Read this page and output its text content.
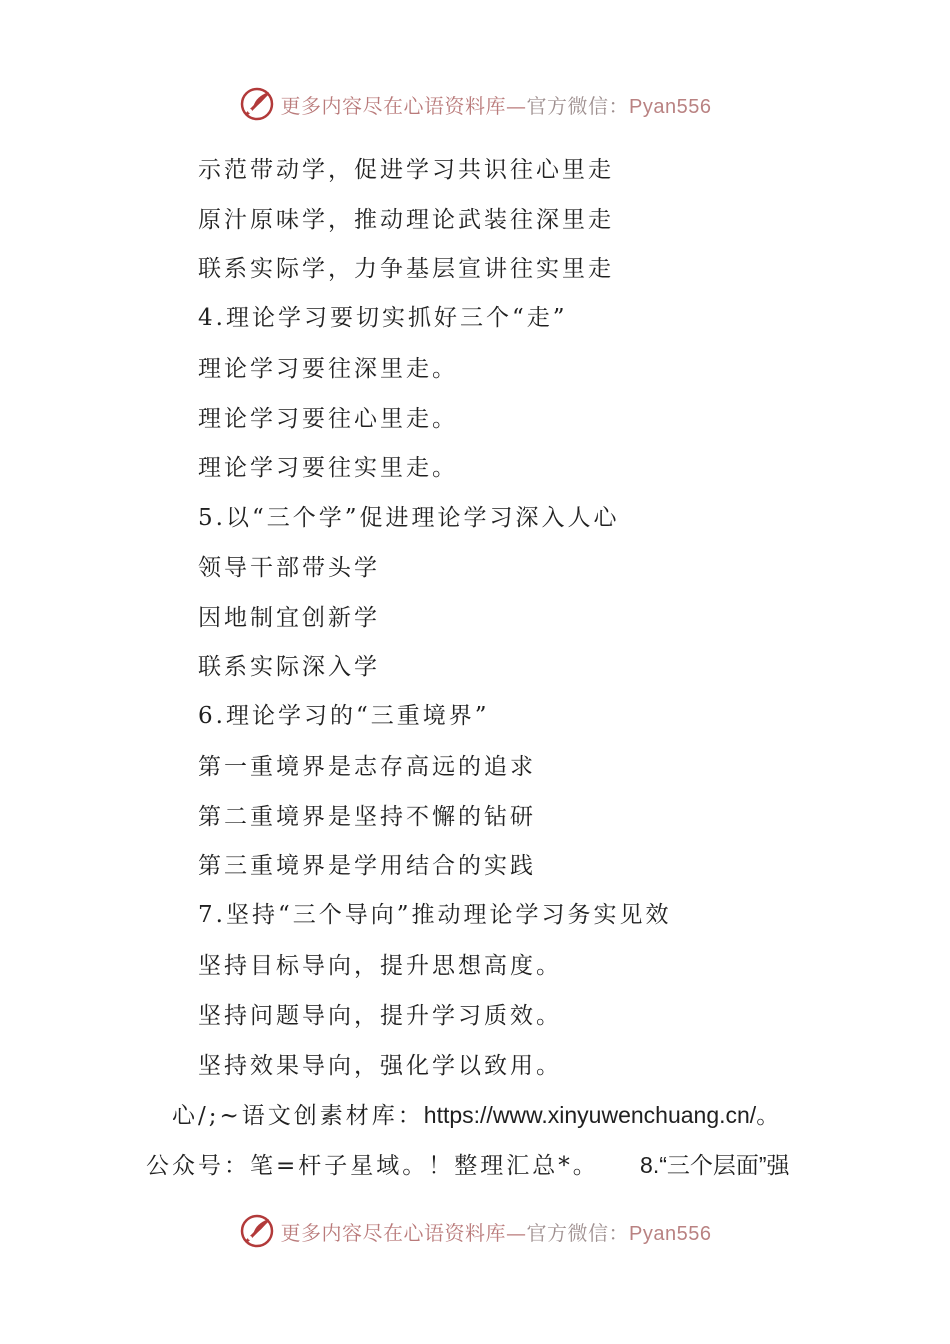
更多内容尽在心语资料库—官方微信：Pyan556
示范带动学，促进学习共识往心里走
原汁原味学，推动理论武装往深里走
联系实际学，力争基层宣讲往实里走
4.理论学习要切实抓好三个“走”
理论学习要往深里走。
理论学习要往心里走。
理论学习要往实里走。
5.以“三个学”促进理论学习深入人心
领导干部带头学
因地制宜创新学
联系实际深入学
6.理论学习的“三重境界”
第一重境界是志存高远的追求
第二重境界是坚持不懈的钻研
第三重境界是学用结合的实践
7.坚持“三个导向”推动理论学习务实见效
坚持目标导向，提升思想高度。
坚持问题导向，提升学习质效。
坚持效果导向，强化学以致用。
心/;~语文创素材库：https://www.xinyuwenchuang.cn/。
公众号：笔=杆子星域。！整理汇总*。 8.“三个层面”强
更多内容尽在心语资料库—官方微信：Pyan556
